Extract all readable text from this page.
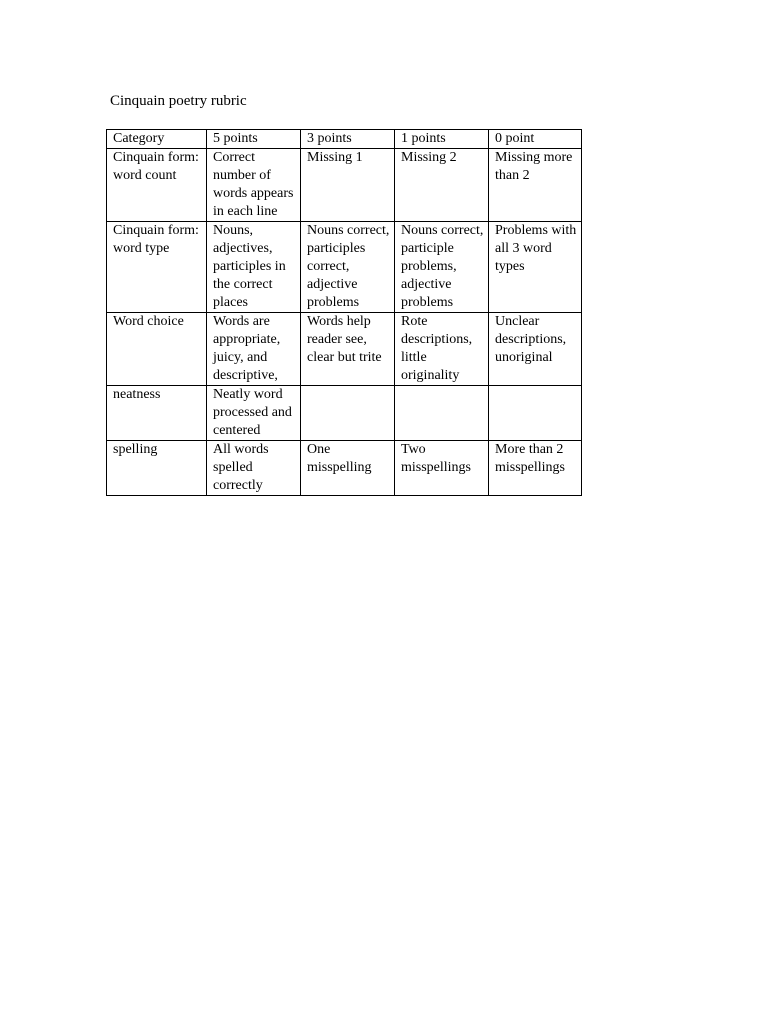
Cinquain poetry rubric
Category	5 points	3 points	1 points	0 point
Cinquain form: word count	Correct number of words appears in each line	Missing 1	Missing 2	Missing more than 2
Cinquain form: word type	Nouns, adjectives, participles in the correct places	Nouns correct, participles correct, adjective problems	Nouns correct, participle problems, adjective problems	Problems with all 3 word types
Word choice	Words are appropriate, juicy, and descriptive,	Words help reader see, clear but trite	Rote descriptions, little originality	Unclear descriptions, unoriginal
neatness	Neatly word processed and centered			
spelling	All words spelled correctly	One misspelling	Two misspellings	More than 2 misspellings
